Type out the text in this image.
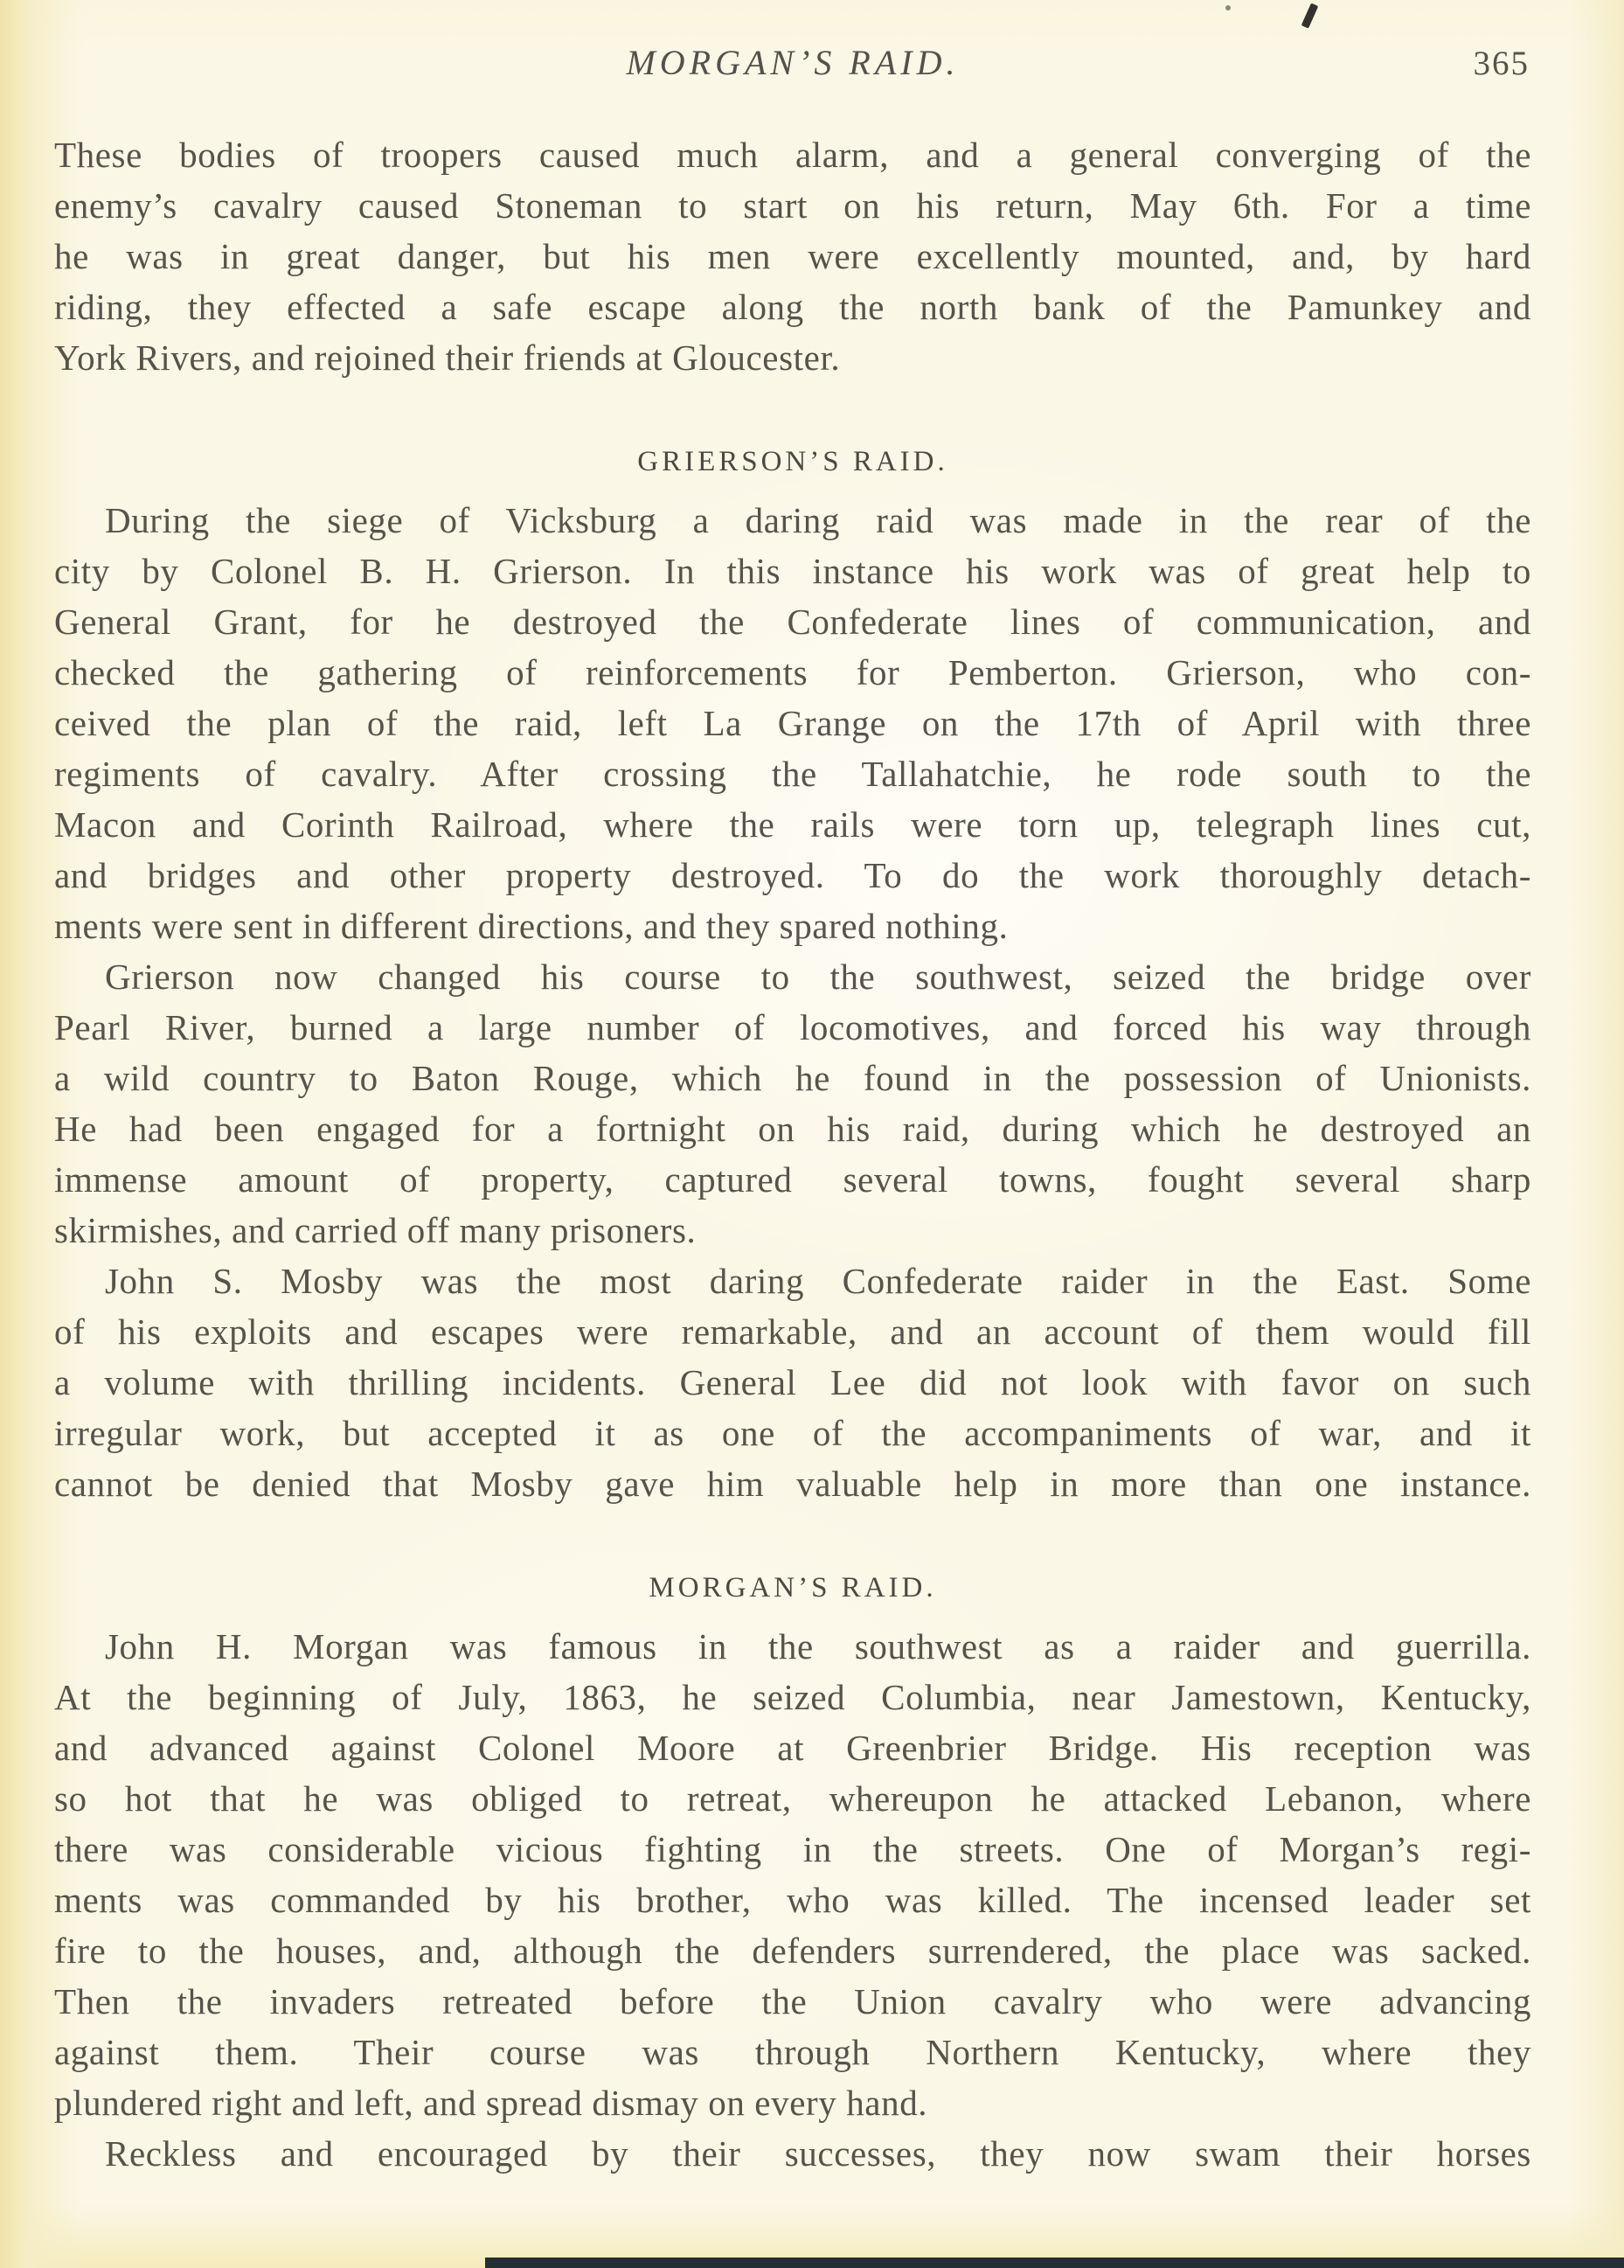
MORGAN’S RAID.	365
These bodies of troopers caused much alarm, and a general converging of the
enemy’s cavalry caused Stoneman to start on his return, May 6th. For a time
he was in great danger, but his men were excellently mounted, and, by hard
riding, they effected a safe escape along the north bank of the Pamunkey and
York Rivers, and rejoined their friends at Gloucester.
GRIERSON’S RAID.
During the siege of Vicksburg a daring raid was made in the rear of the
city by Colonel B. H. Grierson. In this instance his work was of great help to
General Grant, for he destroyed the Confederate lines of communication, and
checked the gathering of reinforcements for Pemberton. Grierson, who con-
ceived the plan of the raid, left La Grange on the 17th of April with three
regiments of cavalry. After crossing the Tallahatchie, he rode south to the
Macon and Corinth Railroad, where the rails were torn up, telegraph lines cut,
and bridges and other property destroyed. To do the work thoroughly detach-
ments were sent in different directions, and they spared nothing.
Grierson now changed his course to the southwest, seized the bridge over
Pearl River, burned a large number of locomotives, and forced his way through
a wild country to Baton Rouge, which he found in the possession of Unionists.
He had been engaged for a fortnight on his raid, during which he destroyed an
immense amount of property, captured several towns, fought several sharp
skirmishes, and carried off many prisoners.
John S. Mosby was the most daring Confederate raider in the East. Some
of his exploits and escapes were remarkable, and an account of them would fill
a volume with thrilling incidents. General Lee did not look with favor on such
irregular work, but accepted it as one of the accompaniments of war, and it
cannot be denied that Mosby gave him valuable help in more than one instance.
MORGAN’S RAID.
John H. Morgan was famous in the southwest as a raider and guerrilla.
At the beginning of July, 1863, he seized Columbia, near Jamestown, Kentucky,
and advanced against Colonel Moore at Greenbrier Bridge. His reception was
so hot that he was obliged to retreat, whereupon he attacked Lebanon, where
there was considerable vicious fighting in the streets. One of Morgan’s regi-
ments was commanded by his brother, who was killed. The incensed leader set
fire to the houses, and, although the defenders surrendered, the place was sacked.
Then the invaders retreated before the Union cavalry who were advancing
against them. Their course was through Northern Kentucky, where they
plundered right and left, and spread dismay on every hand.
Reckless and encouraged by their successes, they now swam their horses
